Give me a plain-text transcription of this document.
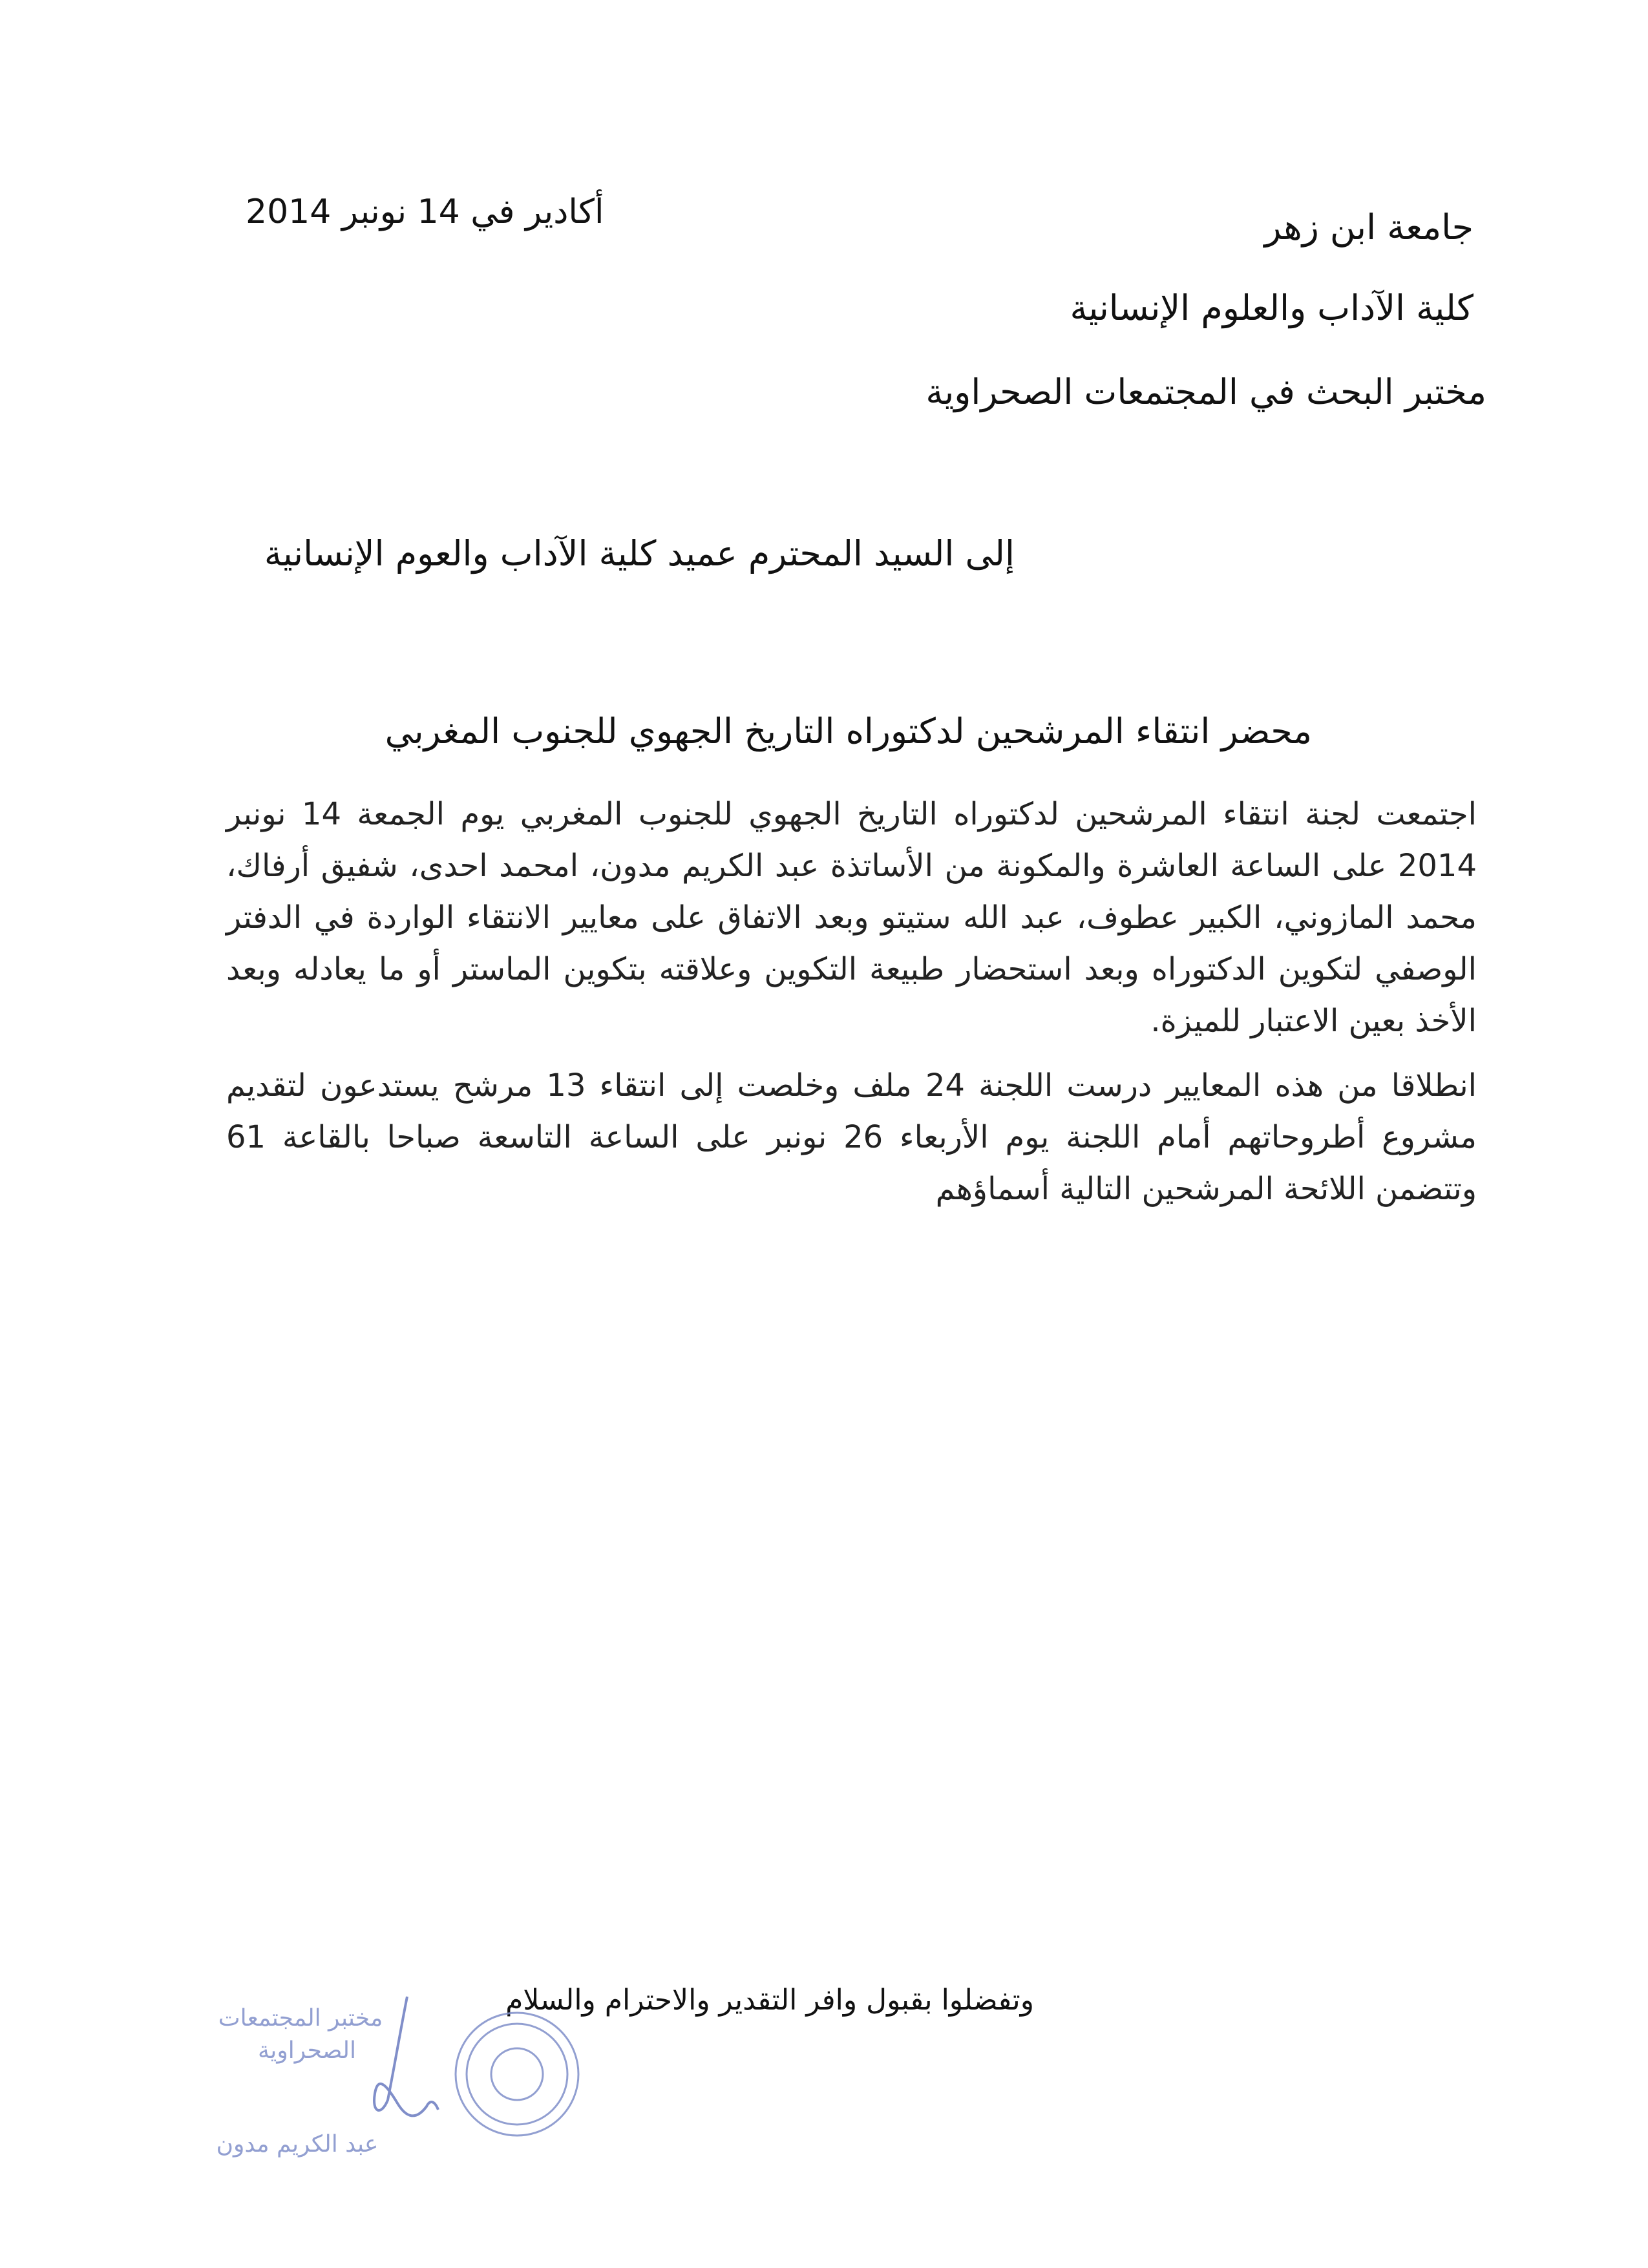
أكادير في 14 نونبر 2014	جامعة ابن زهر
كلية الآداب والعلوم الإنسانية
مختبر البحث في المجتمعات الصحراوية
إلى السيد المحترم عميد كلية الآداب والعوم الإنسانية
محضر انتقاء المرشحين لدكتوراه التاريخ الجهوي للجنوب المغربي
اجتمعت لجنة انتقاء المرشحين لدكتوراه التاريخ الجهوي للجنوب المغربي يوم الجمعة 14 نونبر 2014 على الساعة العاشرة والمكونة من الأساتذة عبد الكريم مدون، امحمد احدى، شفيق أرفاك، محمد المازوني، الكبير عطوف، عبد الله ستيتو وبعد الاتفاق على معايير الانتقاء الواردة في الدفتر الوصفي لتكوين الدكتوراه وبعد استحضار طبيعة التكوين وعلاقته بتكوين الماستر أو ما يعادله وبعد الأخذ بعين الاعتبار للميزة.
انطلاقا من هذه المعايير درست اللجنة 24 ملف وخلصت إلى انتقاء 13 مرشح يستدعون لتقديم مشروع أطروحاتهم أمام اللجنة يوم الأربعاء 26 نونبر على الساعة التاسعة صباحا بالقاعة 61 وتتضمن اللائحة المرشحين التالية أسماؤهم
وتفضلوا بقبول وافر التقدير والاحترام والسلام
مختبر المجتمعات
الصحراوية
عبد الكريم مدون
